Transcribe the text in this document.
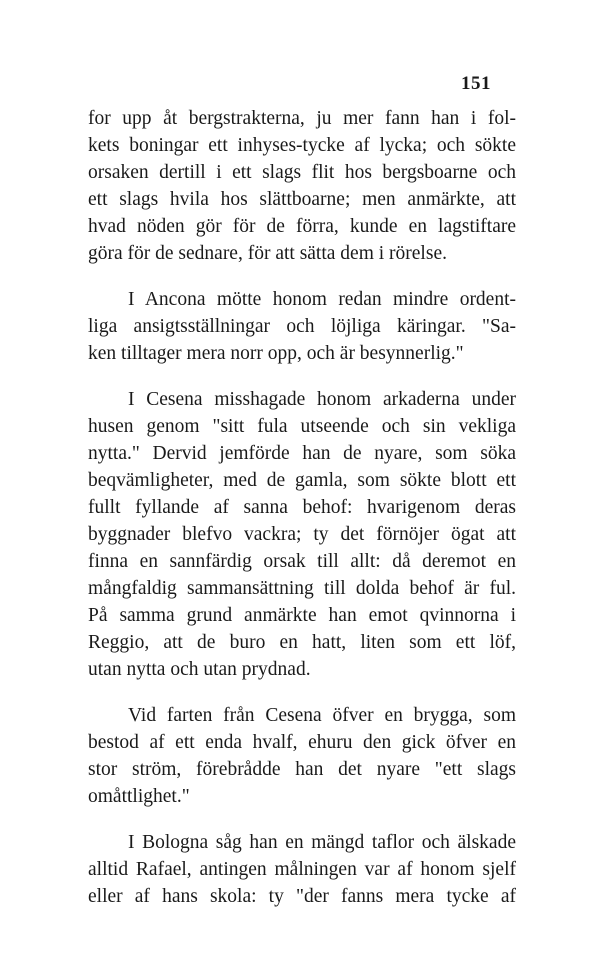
151
for upp åt bergstrakterna, ju mer fann han i fol-
kets boningar ett inhyses-tycke af lycka; och sökte
orsaken dertill i ett slags flit hos bergsboarne och
ett slags hvila hos slättboarne; men anmärkte, att
hvad nöden gör för de förra, kunde en lagstiftare
göra för de sednare, för att sätta dem i rörelse.
I Ancona mötte honom redan mindre ordent-
liga ansigtsställningar och löjliga käringar. "Sa-
ken tilltager mera norr opp, och är besynnerlig."
I Cesena misshagade honom arkaderna under
husen genom "sitt fula utseende och sin vekliga
nytta." Dervid jemförde han de nyare, som söka
beqvämligheter, med de gamla, som sökte blott ett
fullt fyllande af sanna behof: hvarigenom deras
byggnader blefvo vackra; ty det förnöjer ögat att
finna en sannfärdig orsak till allt: då deremot en
mångfaldig sammansättning till dolda behof är ful.
På samma grund anmärkte han emot qvinnorna i
Reggio, att de buro en hatt, liten som ett löf,
utan nytta och utan prydnad.
Vid farten från Cesena öfver en brygga, som
bestod af ett enda hvalf, ehuru den gick öfver en
stor ström, förebrådde han det nyare "ett slags
omåttlighet."
I Bologna såg han en mängd taflor och älskade
alltid Rafael, antingen målningen var af honom sjelf
eller af hans skola: ty "der fanns mera tycke af
